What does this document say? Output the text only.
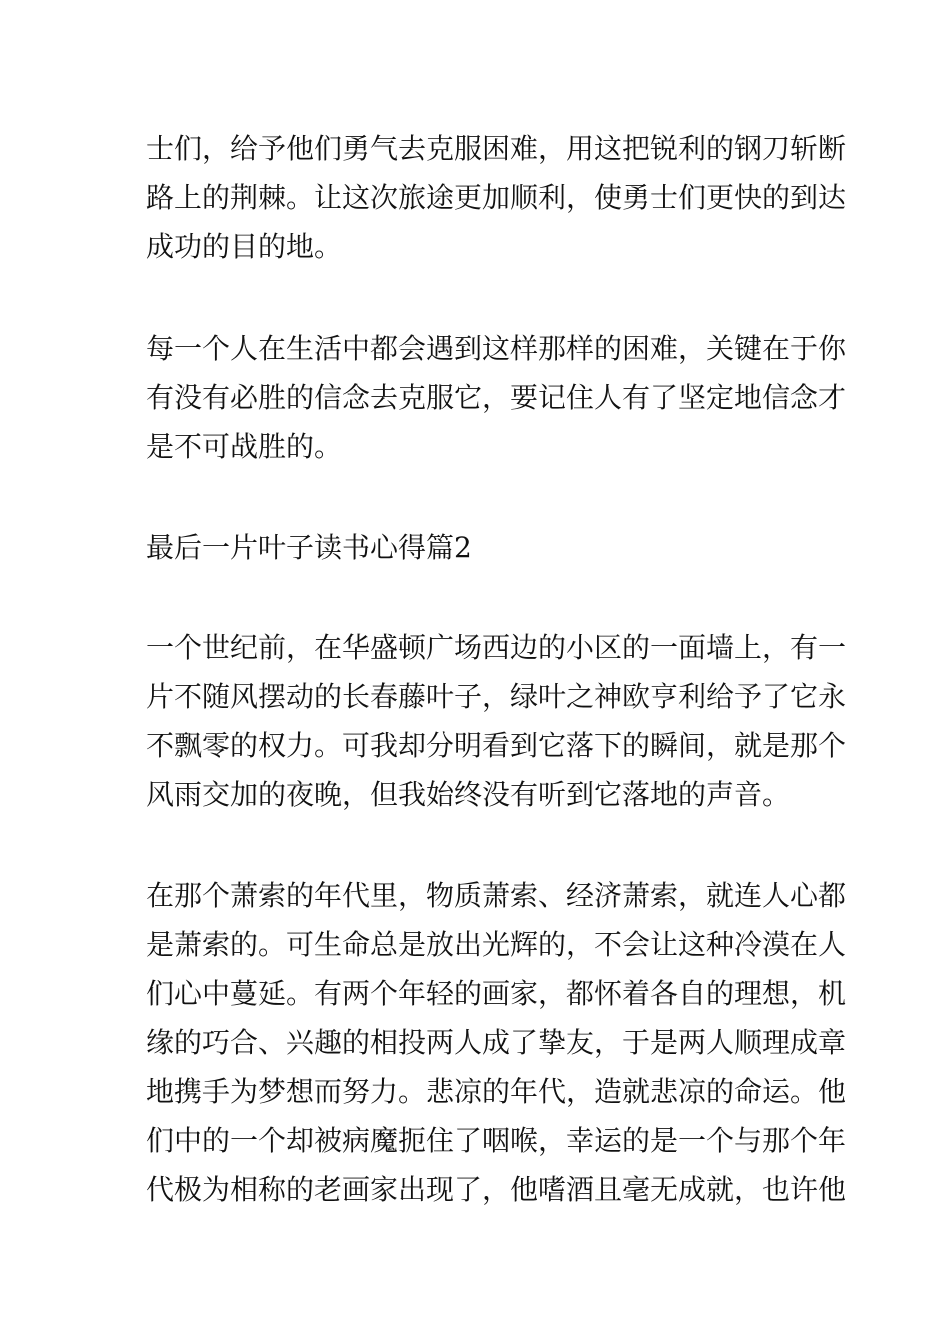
士们，给予他们勇气去克服困难，用这把锐利的钢刀斩断
路上的荆棘。让这次旅途更加顺利，使勇士们更快的到达
成功的目的地。
每一个人在生活中都会遇到这样那样的困难，关键在于你
有没有必胜的信念去克服它，要记住人有了坚定地信念才
是不可战胜的。
最后一片叶子读书心得篇2
一个世纪前，在华盛顿广场西边的小区的一面墙上，有一
片不随风摆动的长春藤叶子，绿叶之神欧亨利给予了它永
不飘零的权力。可我却分明看到它落下的瞬间，就是那个
风雨交加的夜晚，但我始终没有听到它落地的声音。
在那个萧索的年代里，物质萧索、经济萧索，就连人心都
是萧索的。可生命总是放出光辉的，不会让这种冷漠在人
们心中蔓延。有两个年轻的画家，都怀着各自的理想，机
缘的巧合、兴趣的相投两人成了挚友，于是两人顺理成章
地携手为梦想而努力。悲凉的年代，造就悲凉的命运。他
们中的一个却被病魔扼住了咽喉，幸运的是一个与那个年
代极为相称的老画家出现了，他嗜酒且毫无成就，也许他
